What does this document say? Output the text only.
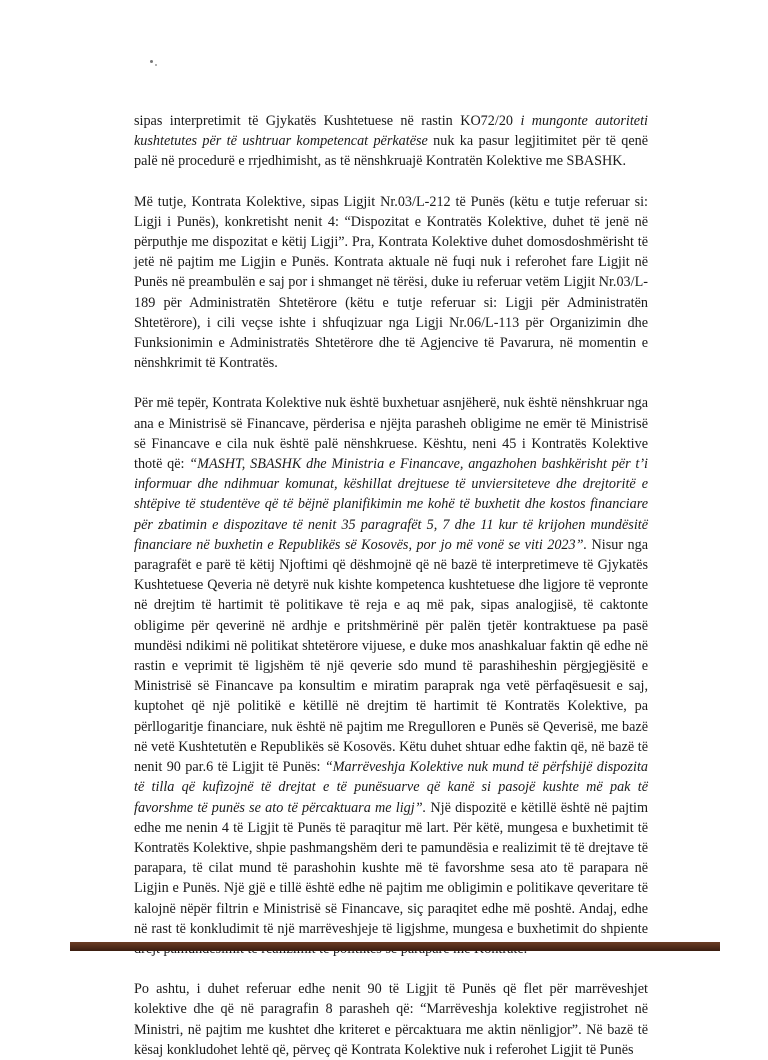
sipas interpretimit të Gjykatës Kushtetuese në rastin KO72/20 i mungonte autoriteti kushtetutes për të ushtruar kompetencat përkatëse nuk ka pasur legjitimitet për të qenë palë në procedurë e rrjedhimisht, as të nënshkruajë Kontratën Kolektive me SBASHK.

Më tutje, Kontrata Kolektive, sipas Ligjit Nr.03/L-212 të Punës (këtu e tutje referuar si: Ligji i Punës), konkretisht nenit 4: “Dispozitat e Kontratës Kolektive, duhet të jenë në përputhje me dispozitat e këtij Ligji”. Pra, Kontrata Kolektive duhet domosdoshmërisht të jetë në pajtim me Ligjin e Punës. Kontrata aktuale në fuqi nuk i referohet fare Ligjit në Punës në preambulën e saj por i shmanget në tërësi, duke iu referuar vetëm Ligjit Nr.03/L-189 për Administratën Shtetërore (këtu e tutje referuar si: Ligji për Administratën Shtetërore), i cili veçse ishte i shfuqizuar nga Ligji Nr.06/L-113 për Organizimin dhe Funksionimin e Administratës Shtetërore dhe të Agjencive të Pavarura, në momentin e nënshkrimit të Kontratës.

Për më tepër, Kontrata Kolektive nuk është buxhetuar asnjëherë, nuk është nënshkruar nga ana e Ministrisë së Financave, përderisa e njëjta parasheh obligime ne emër të Ministrisë së Financave e cila nuk është palë nënshkruese. Kështu, neni 45 i Kontratës Kolektive thotë që: “MASHT, SBASHK dhe Ministria e Financave, angazhohen bashkërisht për t’i informuar dhe ndihmuar komunat, këshillat drejtuese të unviersiteteve dhe drejtoritë e shtëpive të studentëve që të bëjnë planifikimin me kohë të buxhetit dhe kostos financiare për zbatimin e dispozitave të nenit 35 paragrafët 5, 7 dhe 11 kur të krijohen mundësitë financiare në buxhetin e Republikës së Kosovës, por jo më vonë se viti 2023”. Nisur nga paragrafët e parë të këtij Njoftimi që dëshmojnë që në bazë të interpretimeve të Gjykatës Kushtetuese Qeveria në detyrë nuk kishte kompetenca kushtetuese dhe ligjore të vepronte në drejtim të hartimit të politikave të reja e aq më pak, sipas analogjisë, të caktonte obligime për qeverinë në ardhje e pritshmërinë për palën tjetër kontraktuese pa pasë mundësi ndikimi në politikat shtetërore vijuese, e duke mos anashkaluar faktin që edhe në rastin e veprimit të ligjshëm të një qeverie sdo mund të parashiheshin përgjegjësitë e Ministrisë së Financave pa konsultim e miratim paraprak nga vetë përfaqësuesit e saj, kuptohet që një politikë e këtillë në drejtim të hartimit të Kontratës Kolektive, pa përllogaritje financiare, nuk është në pajtim me Rregulloren e Punës së Qeverisë, me bazë në vetë Kushtetutën e Republikës së Kosovës. Këtu duhet shtuar edhe faktin që, në bazë të nenit 90 par.6 të Ligjit të Punës: “Marrëveshja Kolektive nuk mund të përfshijë dispozita të tilla që kufizojnë të drejtat e të punësuarve që kanë si pasojë kushte më pak të favorshme të punës se ato të përcaktuara me ligj”. Një dispozitë e këtillë është në pajtim edhe me nenin 4 të Ligjit të Punës të paraqitur më lart. Për këtë, mungesa e buxhetimit të Kontratës Kolektive, shpie pashmangshëm deri te pamundësia e realizimit të të drejtave të parapara, të cilat mund të parashohin kushte më të favorshme sesa ato të parapara në Ligjin e Punës. Një gjë e tillë është edhe në pajtim me obligimin e politikave qeveritare të kalojnë nëpër filtrin e Ministrisë së Financave, siç paraqitet edhe më poshtë. Andaj, edhe në rast të konkludimit të një marrëveshjeje të ligjshme, mungesa e buxhetimit do shpiente

Po ashtu, i duhet referuar edhe nenit 90 të Ligjit të Punës që flet për marrëveshjet kolektive dhe që në paragrafin 8 parasheh që: “Marrëveshja kolektive regjistrohet në Ministri, në pajtim me kushtet dhe kriteret e përcaktuara me aktin nënligjor”. Në bazë të kësaj konkludohet lehtë që, përveç që Kontrata Kolektive nuk i referohet Ligjit të Punës
